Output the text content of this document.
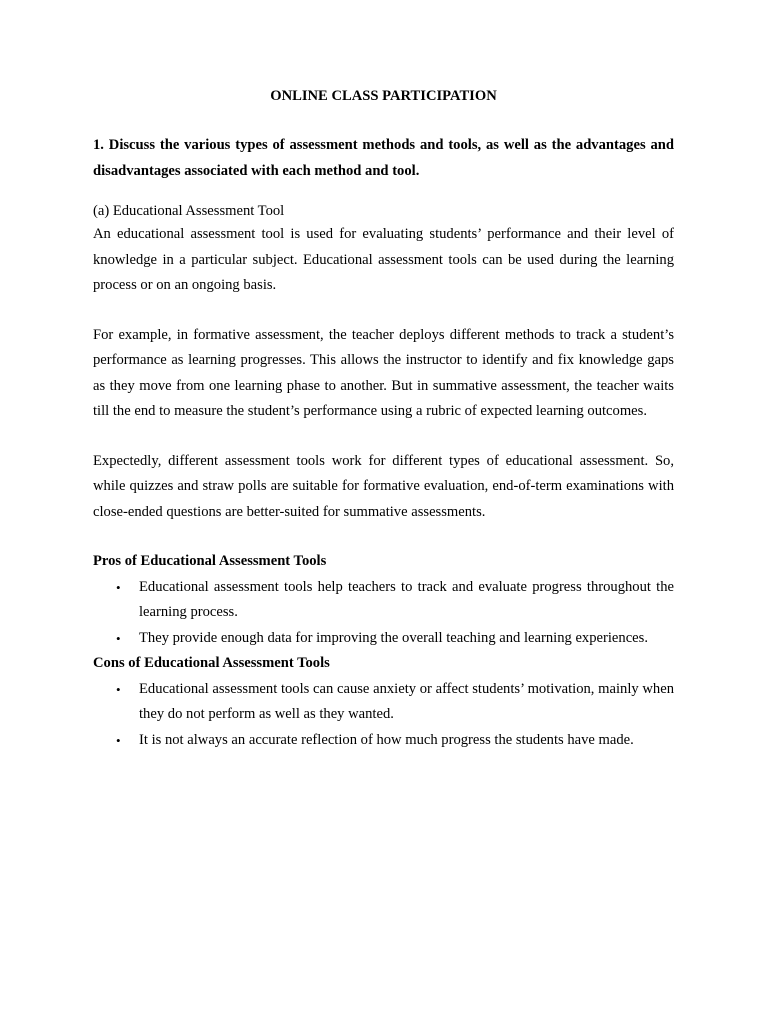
ONLINE CLASS PARTICIPATION

1. Discuss the various types of assessment methods and tools, as well as the advantages and disadvantages associated with each method and tool.

(a) Educational Assessment Tool

An educational assessment tool is used for evaluating students’ performance and their level of knowledge in a particular subject. Educational assessment tools can be used during the learning process or on an ongoing basis.

For example, in formative assessment, the teacher deploys different methods to track a student’s performance as learning progresses. This allows the instructor to identify and fix knowledge gaps as they move from one learning phase to another. But in summative assessment, the teacher waits till the end to measure the student’s performance using a rubric of expected learning outcomes.

Expectedly, different assessment tools work for different types of educational assessment. So, while quizzes and straw polls are suitable for formative evaluation, end-of-term examinations with close-ended questions are better-suited for summative assessments.

Pros of Educational Assessment Tools

• Educational assessment tools help teachers to track and evaluate progress throughout the learning process.
• They provide enough data for improving the overall teaching and learning experiences.

Cons of Educational Assessment Tools

• Educational assessment tools can cause anxiety or affect students’ motivation, mainly when they do not perform as well as they wanted.
• It is not always an accurate reflection of how much progress the students have made.
